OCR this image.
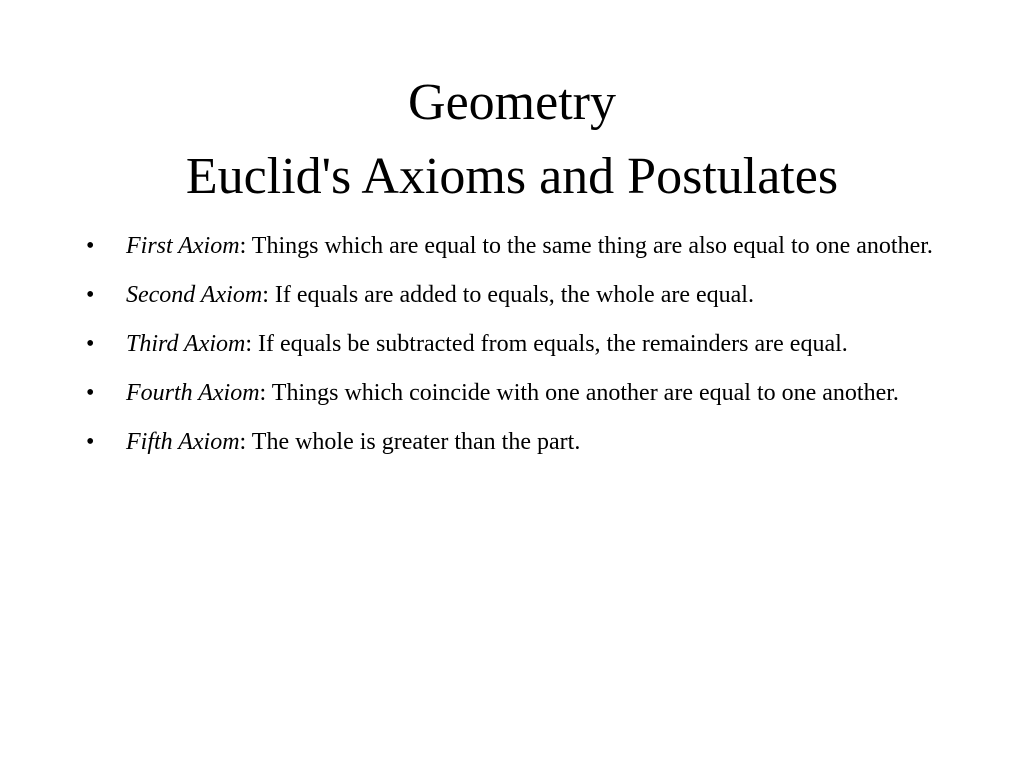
Geometry
Euclid's Axioms and Postulates
•	First Axiom: Things which are equal to the same thing are also equal to one another.
•	Second Axiom: If equals are added to equals, the whole are equal.
•	Third Axiom: If equals be subtracted from equals, the remainders are equal.
•	Fourth Axiom: Things which coincide with one another are equal to one another.
•	Fifth Axiom: The whole is greater than the part.
